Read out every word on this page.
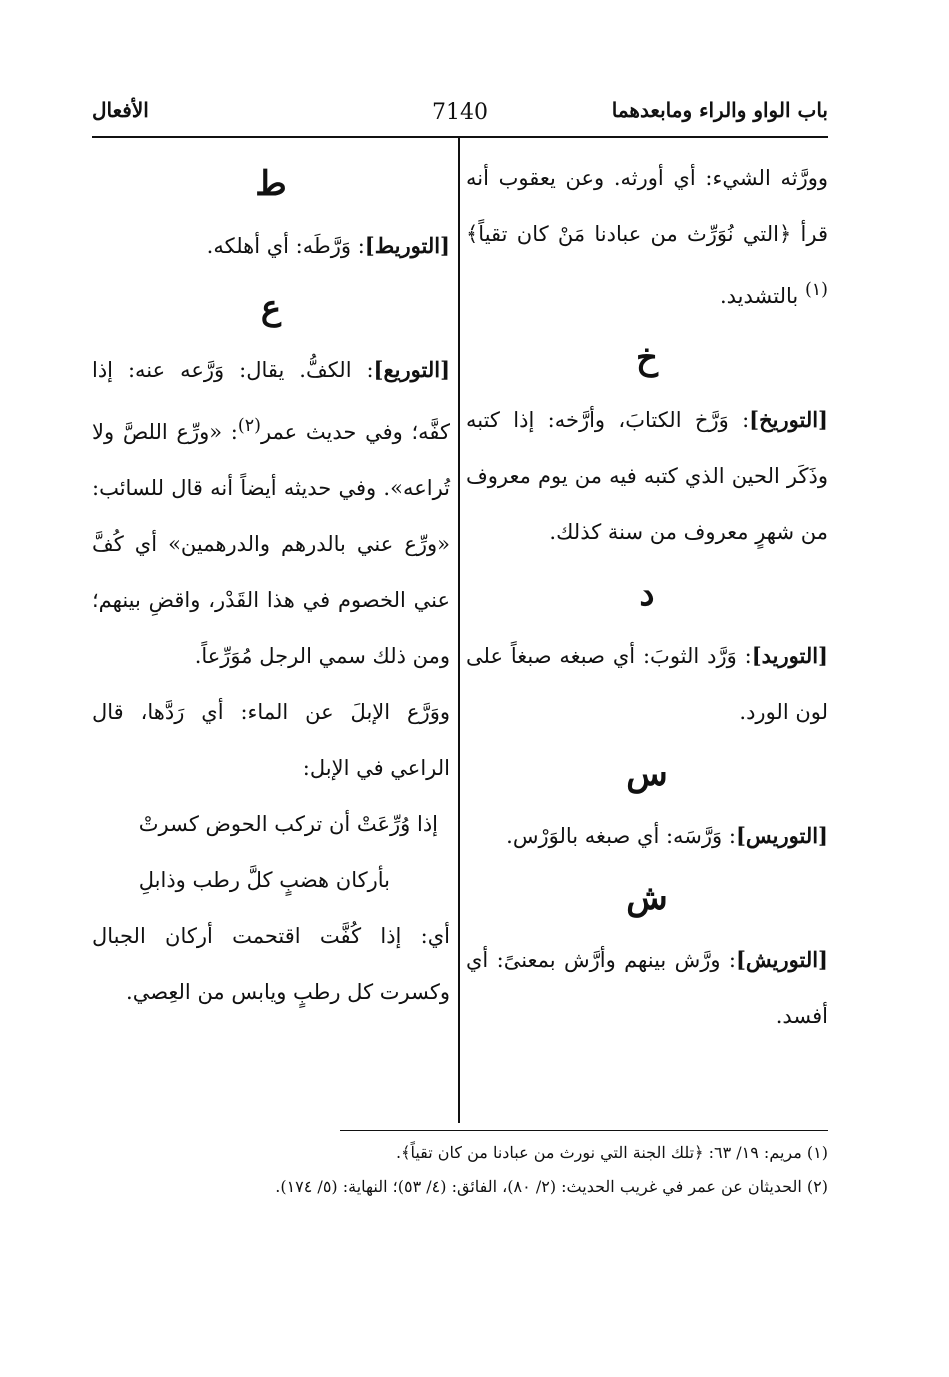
باب الواو والراء ومابعدهما
7140
الأفعال

وورَّثه الشيء: أي أورثه. وعن يعقوب أنه قرأ ﴿التي نُوَرِّث من عبادنا مَنْ كان تقياً﴾$^{(١)}$ بالتشديد.

خ

[التوريخ]: وَرَّخ الكتابَ، وأرَّخه: إذا كتبه وذَكَر الحين الذي كتبه فيه من يوم معروف من شهرٍ معروف من سنة كذلك.

د

[التوريد]: وَرَّد الثوبَ: أي صبغه صبغاً على لون الورد.

س

[التوريس]: وَرَّسَه: أي صبغه بالوَرْس.

ش

[التوريش]: ورَّش بينهم وأرَّش بمعنىً: أي أفسد.

ط

[التوريط]: وَرَّطَه: أي أهلكه.

ع

[التوريع]: الكفُّ. يقال: وَرَّعه عنه: إذا كفَّه؛ وفي حديث عمر$^{(٢)}$: «ورِّع اللصَّ ولا تُراعه». وفي حديثه أيضاً أنه قال للسائب: «ورِّع عني بالدرهم والدرهمين» أي كُفَّ عني الخصوم في هذا القَدْر، واقضِ بينهم؛ ومن ذلك سمي الرجل مُوَرِّعاً.

ووَرَّع الإبلَ عن الماء: أي رَدَّها، قال الراعي في الإبل:

إذا وُرِّعَتْ أن تركب الحوض كسرتْ

بأركان هضبٍ كلَّ رطب وذابلِ

أي: إذا كُفَّت اقتحمت أركان الجبال وكسرت كل رطبٍ ويابس من العِصي.

(١) مريم: ١٩/ ٦٣: ﴿تلك الجنة التي نورث من عبادنا من كان تقياً﴾.

(٢) الحديثان عن عمر في غريب الحديث: (٢/ ٨٠)، الفائق: (٤/ ٥٣)؛ النهاية: (٥/ ١٧٤).
